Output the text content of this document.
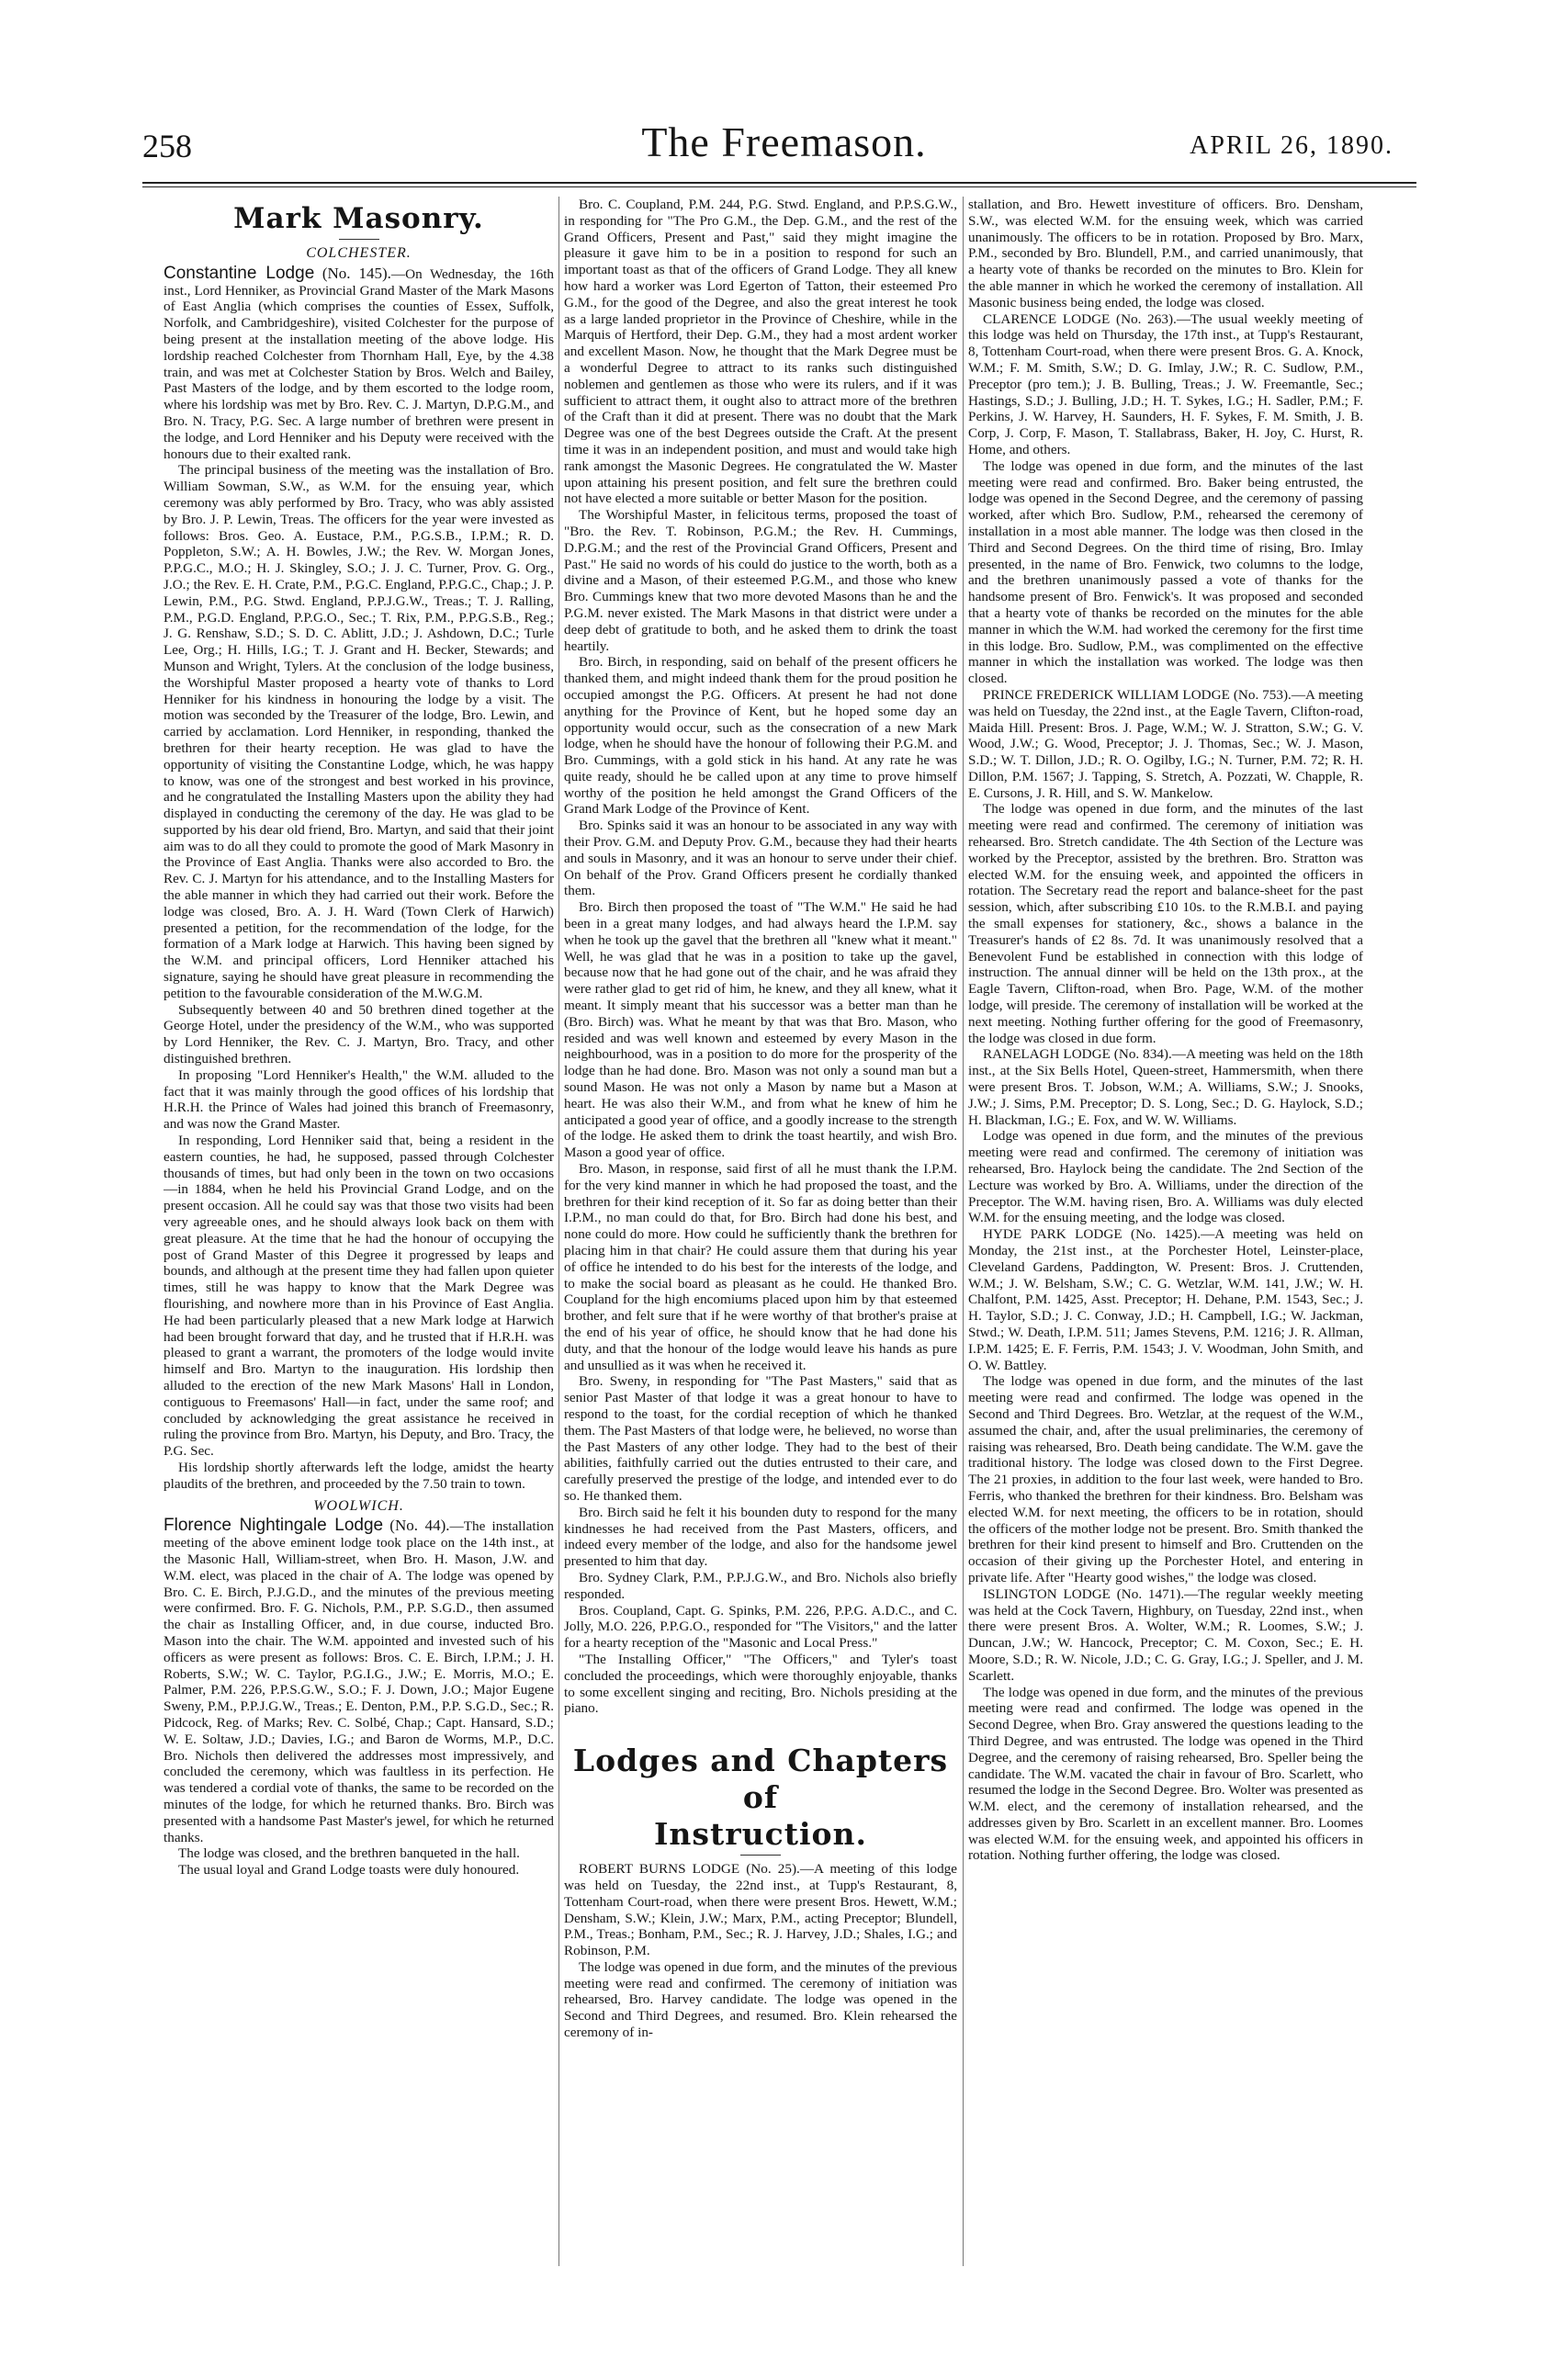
258	The Freemason.	APRIL 26, 1890.
Mark Masonry.
COLCHESTER.

Constantine Lodge (No. 145).—On Wednesday, the 16th inst., Lord Henniker, as Provincial Grand Master of the Mark Masons of East Anglia (which comprises the counties of Essex, Suffolk, Norfolk, and Cambridgeshire), visited Colchester for the purpose of being present at the installation meeting of the above lodge. His lordship reached Colchester from Thornham Hall, Eye, by the 4.38 train, and was met at Colchester Station by Bros. Welch and Bailey, Past Masters of the lodge, and by them escorted to the lodge room, where his lordship was met by Bro. Rev. C. J. Martyn, D.P.G.M., and Bro. N. Tracy, P.G. Sec. A large number of brethren were present in the lodge, and Lord Henniker and his Deputy were received with the honours due to their exalted rank.

The principal business of the meeting was the installation of Bro. William Sowman, S.W., as W.M. for the ensuing year, which ceremony was ably performed by Bro. Tracy, who was ably assisted by Bro. J. P. Lewin, Treas. The officers for the year were invested as follows: Bros. Geo. A. Eustace, P.M., P.G.S.B., I.P.M.; R. D. Poppleton, S.W.; A. H. Bowles, J.W.; the Rev. W. Morgan Jones, P.P.G.C., M.O.; H. J. Skingley, S.O.; J. J. C. Turner, Prov. G. Org., J.O.; the Rev. E. H. Crate, P.M., P.G.C. England, P.P.G.C., Chap.; J. P. Lewin, P.M., P.G. Stwd. England, P.P.J.G.W., Treas.; T. J. Ralling, P.M., P.G.D. England, P.P.G.O., Sec.; T. Rix, P.M., P.P.G.S.B., Reg.; J. G. Renshaw, S.D.; S. D. C. Ablitt, J.D.; J. Ashdown, D.C.; Turle Lee, Org.; H. Hills, I.G.; T. J. Grant and H. Becker, Stewards; and Munson and Wright, Tylers. At the conclusion of the lodge business, the Worshipful Master proposed a hearty vote of thanks to Lord Henniker for his kindness in honouring the lodge by a visit. The motion was seconded by the Treasurer of the lodge, Bro. Lewin, and carried by acclamation. Lord Henniker, in responding, thanked the brethren for their hearty reception. He was glad to have the opportunity of visiting the Constantine Lodge, which, he was happy to know, was one of the strongest and best worked in his province, and he congratulated the Installing Masters upon the ability they had displayed in conducting the ceremony of the day. He was glad to be supported by his dear old friend, Bro. Martyn, and said that their joint aim was to do all they could to promote the good of Mark Masonry in the Province of East Anglia. Thanks were also accorded to Bro. the Rev. C. J. Martyn for his attendance, and to the Installing Masters for the able manner in which they had carried out their work. Before the lodge was closed, Bro. A. J. H. Ward (Town Clerk of Harwich) presented a petition, for the recommendation of the lodge, for the formation of a Mark lodge at Harwich. This having been signed by the W.M. and principal officers, Lord Henniker attached his signature, saying he should have great pleasure in recommending the petition to the favourable consideration of the M.W.G.M.

Subsequently between 40 and 50 brethren dined together at the George Hotel, under the presidency of the W.M., who was supported by Lord Henniker, the Rev. C. J. Martyn, Bro. Tracy, and other distinguished brethren.

In proposing "Lord Henniker's Health," the W.M. alluded to the fact that it was mainly through the good offices of his lordship that H.R.H. the Prince of Wales had joined this branch of Freemasonry, and was now the Grand Master.

In responding, Lord Henniker said that, being a resident in the eastern counties, he had, he supposed, passed through Colchester thousands of times, but had only been in the town on two occasions—in 1884, when he held his Provincial Grand Lodge, and on the present occasion. All he could say was that those two visits had been very agreeable ones, and he should always look back on them with great pleasure. At the time that he had the honour of occupying the post of Grand Master of this Degree it progressed by leaps and bounds, and although at the present time they had fallen upon quieter times, still he was happy to know that the Mark Degree was flourishing, and nowhere more than in his Province of East Anglia. He had been particularly pleased that a new Mark lodge at Harwich had been brought forward that day, and he trusted that if H.R.H. was pleased to grant a warrant, the promoters of the lodge would invite himself and Bro. Martyn to the inauguration. His lordship then alluded to the erection of the new Mark Masons' Hall in London, contiguous to Freemasons' Hall—in fact, under the same roof; and concluded by acknowledging the great assistance he received in ruling the province from Bro. Martyn, his Deputy, and Bro. Tracy, the P.G. Sec.

His lordship shortly afterwards left the lodge, amidst the hearty plaudits of the brethren, and proceeded by the 7.50 train to town.

WOOLWICH.

Florence Nightingale Lodge (No. 44).—The installation meeting of the above eminent lodge took place on the 14th inst., at the Masonic Hall, William-street, when Bro. H. Mason, J.W. and W.M. elect, was placed in the chair of A. The lodge was opened by Bro. C. E. Birch, P.J.G.D., and the minutes of the previous meeting were confirmed. Bro. F. G. Nichols, P.M., P.P. S.G.D., then assumed the chair as Installing Officer, and, in due course, inducted Bro. Mason into the chair. The W.M. appointed and invested such of his officers as were present as follows: Bros. C. E. Birch, I.P.M.; J. H. Roberts, S.W.; W. C. Taylor, P.G.I.G., J.W.; E. Morris, M.O.; E. Palmer, P.M. 226, P.P.S.G.W., S.O.; F. J. Down, J.O.; Major Eugene Sweny, P.M., P.P.J.G.W., Treas.; E. Denton, P.M., P.P. S.G.D., Sec.; R. Pidcock, Reg. of Marks; Rev. C. Solbé, Chap.; Capt. Hansard, S.D.; W. E. Soltaw, J.D.; Davies, I.G.; and Baron de Worms, M.P., D.C. Bro. Nichols then delivered the addresses most impressively, and concluded the ceremony, which was faultless in its perfection. He was tendered a cordial vote of thanks, the same to be recorded on the minutes of the lodge, for which he returned thanks. Bro. Birch was presented with a handsome Past Master's jewel, for which he returned thanks.

The lodge was closed, and the brethren banqueted in the hall.

The usual loyal and Grand Lodge toasts were duly honoured.

Bro. C. Coupland, P.M. 244, P.G. Stwd. England, and P.P.S.G.W., in responding for "The Pro G.M., the Dep. G.M., and the rest of the Grand Officers, Present and Past," said they might imagine the pleasure it gave him to be in a position to respond for such an important toast as that of the officers of Grand Lodge. They all knew how hard a worker was Lord Egerton of Tatton, their esteemed Pro G.M., for the good of the Degree, and also the great interest he took as a large landed proprietor in the Province of Cheshire, while in the Marquis of Hertford, their Dep. G.M., they had a most ardent worker and excellent Mason. Now, he thought that the Mark Degree must be a wonderful Degree to attract to its ranks such distinguished noblemen and gentlemen as those who were its rulers, and if it was sufficient to attract them, it ought also to attract more of the brethren of the Craft than it did at present. There was no doubt that the Mark Degree was one of the best Degrees outside the Craft. At the present time it was in an independent position, and must and would take high rank amongst the Masonic Degrees. He congratulated the W. Master upon attaining his present position, and felt sure the brethren could not have elected a more suitable or better Mason for the position.

The Worshipful Master, in felicitous terms, proposed the toast of "Bro. the Rev. T. Robinson, P.G.M.; the Rev. H. Cummings, D.P.G.M.; and the rest of the Provincial Grand Officers, Present and Past." He said no words of his could do justice to the worth, both as a divine and a Mason, of their esteemed P.G.M., and those who knew Bro. Cummings knew that two more devoted Masons than he and the P.G.M. never existed. The Mark Masons in that district were under a deep debt of gratitude to both, and he asked them to drink the toast heartily.

Bro. Birch, in responding, said on behalf of the present officers he thanked them, and might indeed thank them for the proud position he occupied amongst the P.G. Officers. At present he had not done anything for the Province of Kent, but he hoped some day an opportunity would occur, such as the consecration of a new Mark lodge, when he should have the honour of following their P.G.M. and Bro. Cummings, with a gold stick in his hand. At any rate he was quite ready, should he be called upon at any time to prove himself worthy of the position he held amongst the Grand Officers of the Grand Mark Lodge of the Province of Kent.

Bro. Spinks said it was an honour to be associated in any way with their Prov. G.M. and Deputy Prov. G.M., because they had their hearts and souls in Masonry, and it was an honour to serve under their chief. On behalf of the Prov. Grand Officers present he cordially thanked them.

Bro. Birch then proposed the toast of "The W.M." He said he had been in a great many lodges, and had always heard the I.P.M. say when he took up the gavel that the brethren all "knew what it meant." Well, he was glad that he was in a position to take up the gavel, because now that he had gone out of the chair, and he was afraid they were rather glad to get rid of him, he knew, and they all knew, what it meant. It simply meant that his successor was a better man than he (Bro. Birch) was. What he meant by that was that Bro. Mason, who resided and was well known and esteemed by every Mason in the neighbourhood, was in a position to do more for the prosperity of the lodge than he had done. Bro. Mason was not only a sound man but a sound Mason. He was not only a Mason by name but a Mason at heart. He was also their W.M., and from what he knew of him he anticipated a good year of office, and a goodly increase to the strength of the lodge. He asked them to drink the toast heartily, and wish Bro. Mason a good year of office.

Bro. Mason, in response, said first of all he must thank the I.P.M. for the very kind manner in which he had proposed the toast, and the brethren for their kind reception of it. So far as doing better than their I.P.M., no man could do that, for Bro. Birch had done his best, and none could do more. How could he sufficiently thank the brethren for placing him in that chair? He could assure them that during his year of office he intended to do his best for the interests of the lodge, and to make the social board as pleasant as he could. He thanked Bro. Coupland for the high encomiums placed upon him by that esteemed brother, and felt sure that if he were worthy of that brother's praise at the end of his year of office, he should know that he had done his duty, and that the honour of the lodge would leave his hands as pure and unsullied as it was when he received it.

Bro. Sweny, in responding for "The Past Masters," said that as senior Past Master of that lodge it was a great honour to have to respond to the toast, for the cordial reception of which he thanked them. The Past Masters of that lodge were, he believed, no worse than the Past Masters of any other lodge. They had to the best of their abilities, faithfully carried out the duties entrusted to their care, and carefully preserved the prestige of the lodge, and intended ever to do so. He thanked them.

Bro. Birch said he felt it his bounden duty to respond for the many kindnesses he had received from the Past Masters, officers, and indeed every member of the lodge, and also for the handsome jewel presented to him that day.

Bro. Sydney Clark, P.M., P.P.J.G.W., and Bro. Nichols also briefly responded.

Bros. Coupland, Capt. G. Spinks, P.M. 226, P.P.G. A.D.C., and C. Jolly, M.O. 226, P.P.G.O., responded for "The Visitors," and the latter for a hearty reception of the "Masonic and Local Press."

"The Installing Officer," "The Officers," and Tyler's toast concluded the proceedings, which were thoroughly enjoyable, thanks to some excellent singing and reciting, Bro. Nichols presiding at the piano.

Lodges and Chapters of
Instruction.

ROBERT BURNS LODGE (No. 25).—A meeting of this lodge was held on Tuesday, the 22nd inst., at Tupp's Restaurant, 8, Tottenham Court-road, when there were present Bros. Hewett, W.M.; Densham, S.W.; Klein, J.W.; Marx, P.M., acting Preceptor; Blundell, P.M., Treas.; Bonham, P.M., Sec.; R. J. Harvey, J.D.; Shales, I.G.; and Robinson, P.M.

The lodge was opened in due form, and the minutes of the previous meeting were read and confirmed. The ceremony of initiation was rehearsed, Bro. Harvey candidate. The lodge was opened in the Second and Third Degrees, and resumed. Bro. Klein rehearsed the ceremony of in-

stallation, and Bro. Hewett investiture of officers. Bro. Densham, S.W., was elected W.M. for the ensuing week, which was carried unanimously. The officers to be in rotation. Proposed by Bro. Marx, P.M., seconded by Bro. Blundell, P.M., and carried unanimously, that a hearty vote of thanks be recorded on the minutes to Bro. Klein for the able manner in which he worked the ceremony of installation. All Masonic business being ended, the lodge was closed.

CLARENCE LODGE (No. 263).—The usual weekly meeting of this lodge was held on Thursday, the 17th inst., at Tupp's Restaurant, 8, Tottenham Court-road, when there were present Bros. G. A. Knock, W.M.; F. M. Smith, S.W.; D. G. Imlay, J.W.; R. C. Sudlow, P.M., Preceptor (pro tem.); J. B. Bulling, Treas.; J. W. Freemantle, Sec.; Hastings, S.D.; J. Bulling, J.D.; H. T. Sykes, I.G.; H. Sadler, P.M.; F. Perkins, J. W. Harvey, H. Saunders, H. F. Sykes, F. M. Smith, J. B. Corp, J. Corp, F. Mason, T. Stallabrass, Baker, H. Joy, C. Hurst, R. Home, and others.

The lodge was opened in due form, and the minutes of the last meeting were read and confirmed. Bro. Baker being entrusted, the lodge was opened in the Second Degree, and the ceremony of passing worked, after which Bro. Sudlow, P.M., rehearsed the ceremony of installation in a most able manner. The lodge was then closed in the Third and Second Degrees. On the third time of rising, Bro. Imlay presented, in the name of Bro. Fenwick, two columns to the lodge, and the brethren unanimously passed a vote of thanks for the handsome present of Bro. Fenwick's. It was proposed and seconded that a hearty vote of thanks be recorded on the minutes for the able manner in which the W.M. had worked the ceremony for the first time in this lodge. Bro. Sudlow, P.M., was complimented on the effective manner in which the installation was worked. The lodge was then closed.

PRINCE FREDERICK WILLIAM LODGE (No. 753).—A meeting was held on Tuesday, the 22nd inst., at the Eagle Tavern, Clifton-road, Maida Hill. Present: Bros. J. Page, W.M.; W. J. Stratton, S.W.; G. V. Wood, J.W.; G. Wood, Preceptor; J. J. Thomas, Sec.; W. J. Mason, S.D.; W. T. Dillon, J.D.; R. O. Ogilby, I.G.; N. Turner, P.M. 72; R. H. Dillon, P.M. 1567; J. Tapping, S. Stretch, A. Pozzati, W. Chapple, R. E. Cursons, J. R. Hill, and S. W. Mankelow.

The lodge was opened in due form, and the minutes of the last meeting were read and confirmed. The ceremony of initiation was rehearsed. Bro. Stretch candidate. The 4th Section of the Lecture was worked by the Preceptor, assisted by the brethren. Bro. Stratton was elected W.M. for the ensuing week, and appointed the officers in rotation. The Secretary read the report and balance-sheet for the past session, which, after subscribing £10 10s. to the R.M.B.I. and paying the small expenses for stationery, &c., shows a balance in the Treasurer's hands of £2 8s. 7d. It was unanimously resolved that a Benevolent Fund be established in connection with this lodge of instruction. The annual dinner will be held on the 13th prox., at the Eagle Tavern, Clifton-road, when Bro. Page, W.M. of the mother lodge, will preside. The ceremony of installation will be worked at the next meeting. Nothing further offering for the good of Freemasonry, the lodge was closed in due form.

RANELAGH LODGE (No. 834).—A meeting was held on the 18th inst., at the Six Bells Hotel, Queen-street, Hammersmith, when there were present Bros. T. Jobson, W.M.; A. Williams, S.W.; J. Snooks, J.W.; J. Sims, P.M. Preceptor; D. S. Long, Sec.; D. G. Haylock, S.D.; H. Blackman, I.G.; E. Fox, and W. W. Williams.

Lodge was opened in due form, and the minutes of the previous meeting were read and confirmed. The ceremony of initiation was rehearsed, Bro. Haylock being the candidate. The 2nd Section of the Lecture was worked by Bro. A. Williams, under the direction of the Preceptor. The W.M. having risen, Bro. A. Williams was duly elected W.M. for the ensuing meeting, and the lodge was closed.

HYDE PARK LODGE (No. 1425).—A meeting was held on Monday, the 21st inst., at the Porchester Hotel, Leinster-place, Cleveland Gardens, Paddington, W. Present: Bros. J. Cruttenden, W.M.; J. W. Belsham, S.W.; C. G. Wetzlar, W.M. 141, J.W.; W. H. Chalfont, P.M. 1425, Asst. Preceptor; H. Dehane, P.M. 1543, Sec.; J. H. Taylor, S.D.; J. C. Conway, J.D.; H. Campbell, I.G.; W. Jackman, Stwd.; W. Death, I.P.M. 511; James Stevens, P.M. 1216; J. R. Allman, I.P.M. 1425; E. F. Ferris, P.M. 1543; J. V. Woodman, John Smith, and O. W. Battley.

The lodge was opened in due form, and the minutes of the last meeting were read and confirmed. The lodge was opened in the Second and Third Degrees. Bro. Wetzlar, at the request of the W.M., assumed the chair, and, after the usual preliminaries, the ceremony of raising was rehearsed, Bro. Death being candidate. The W.M. gave the traditional history. The lodge was closed down to the First Degree. The 21 proxies, in addition to the four last week, were handed to Bro. Ferris, who thanked the brethren for their kindness. Bro. Belsham was elected W.M. for next meeting, the officers to be in rotation, should the officers of the mother lodge not be present. Bro. Smith thanked the brethren for their kind present to himself and Bro. Cruttenden on the occasion of their giving up the Porchester Hotel, and entering in private life. After "Hearty good wishes," the lodge was closed.

ISLINGTON LODGE (No. 1471).—The regular weekly meeting was held at the Cock Tavern, Highbury, on Tuesday, 22nd inst., when there were present Bros. A. Wolter, W.M.; R. Loomes, S.W.; J. Duncan, J.W.; W. Hancock, Preceptor; C. M. Coxon, Sec.; E. H. Moore, S.D.; R. W. Nicole, J.D.; C. G. Gray, I.G.; J. Speller, and J. M. Scarlett.

The lodge was opened in due form, and the minutes of the previous meeting were read and confirmed. The lodge was opened in the Second Degree, when Bro. Gray answered the questions leading to the Third Degree, and was entrusted. The lodge was opened in the Third Degree, and the ceremony of raising rehearsed, Bro. Speller being the candidate. The W.M. vacated the chair in favour of Bro. Scarlett, who resumed the lodge in the Second Degree. Bro. Wolter was presented as W.M. elect, and the ceremony of installation rehearsed, and the addresses given by Bro. Scarlett in an excellent manner. Bro. Loomes was elected W.M. for the ensuing week, and appointed his officers in rotation. Nothing further offering, the lodge was closed.
